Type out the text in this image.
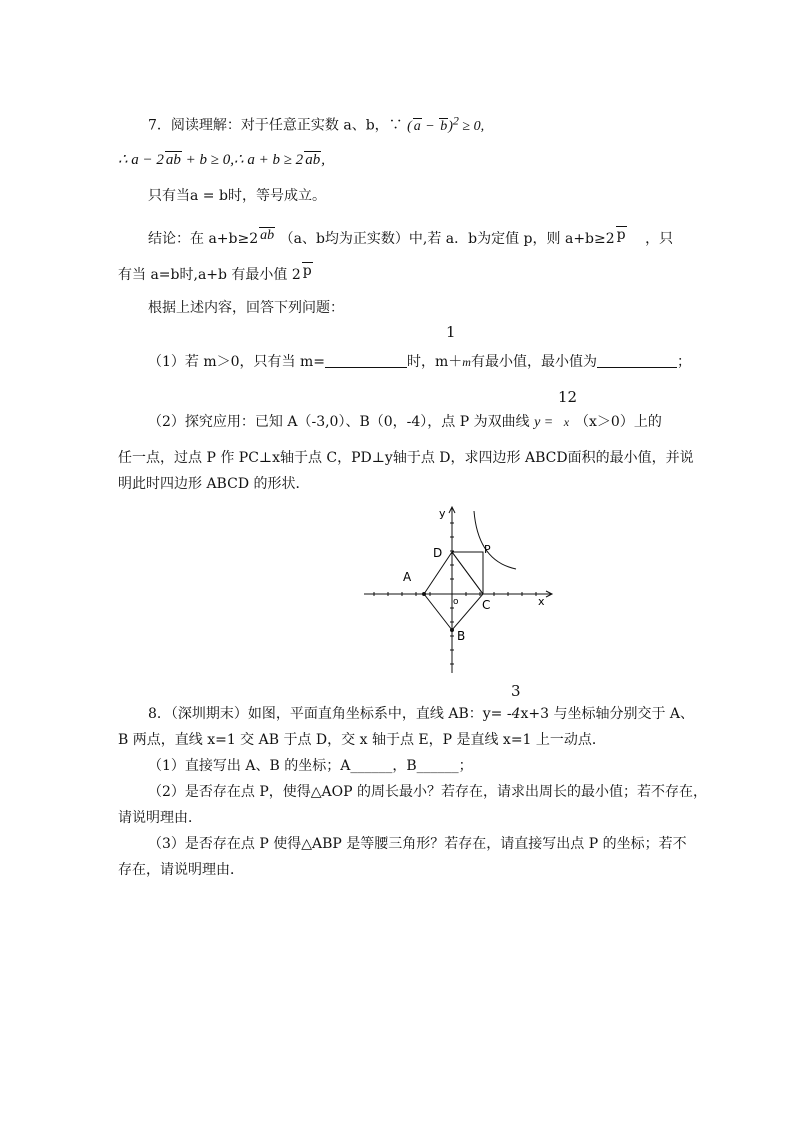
7．阅读理解：对于任意正实数 a、b，∵ ( a − b)$^2$ ≥ 0,
∴ a − 2 ab + b ≥ 0,∴ a + b ≥ 2 ab,
只有当a = b时，等号成立。
结论：在 a+b≥2 ab （a、b均为正实数）中,若 a．b为定值 p，则 a+b≥2 p ，只
有当 a=b时,a+b 有最小值 2 p
根据上述内容，回答下列问题：
1
（1）若 m＞0，只有当 m=	时，m＋m有最小值，最小值为	；
12
（2）探究应用：已知 A（-3,0）、B（0，-4），点 P 为双曲线 y = x （x＞0）上的
任一点，过点 P 作 PC⊥x轴于点 C，PD⊥y轴于点 D，求四边形 ABCD面积的最小值，并说
明此时四边形 ABCD 的形状．
y
x
o
A
B
C
D	P
3
8．（深圳期末）如图，平面直角坐标系中，直线 AB：y= -4x+3 与坐标轴分别交于 A、
B 两点，直线 x=1 交 AB 于点 D，交 x 轴于点 E，P 是直线 x=1 上一动点．
（1）直接写出 A、B 的坐标；A______，B______；
（2）是否存在点 P，使得△AOP 的周长最小？若存在，请求出周长的最小值；若不存在，
请说明理由．
（3）是否存在点 P 使得△ABP 是等腰三角形？若存在，请直接写出点 P 的坐标；若不
存在，请说明理由．
